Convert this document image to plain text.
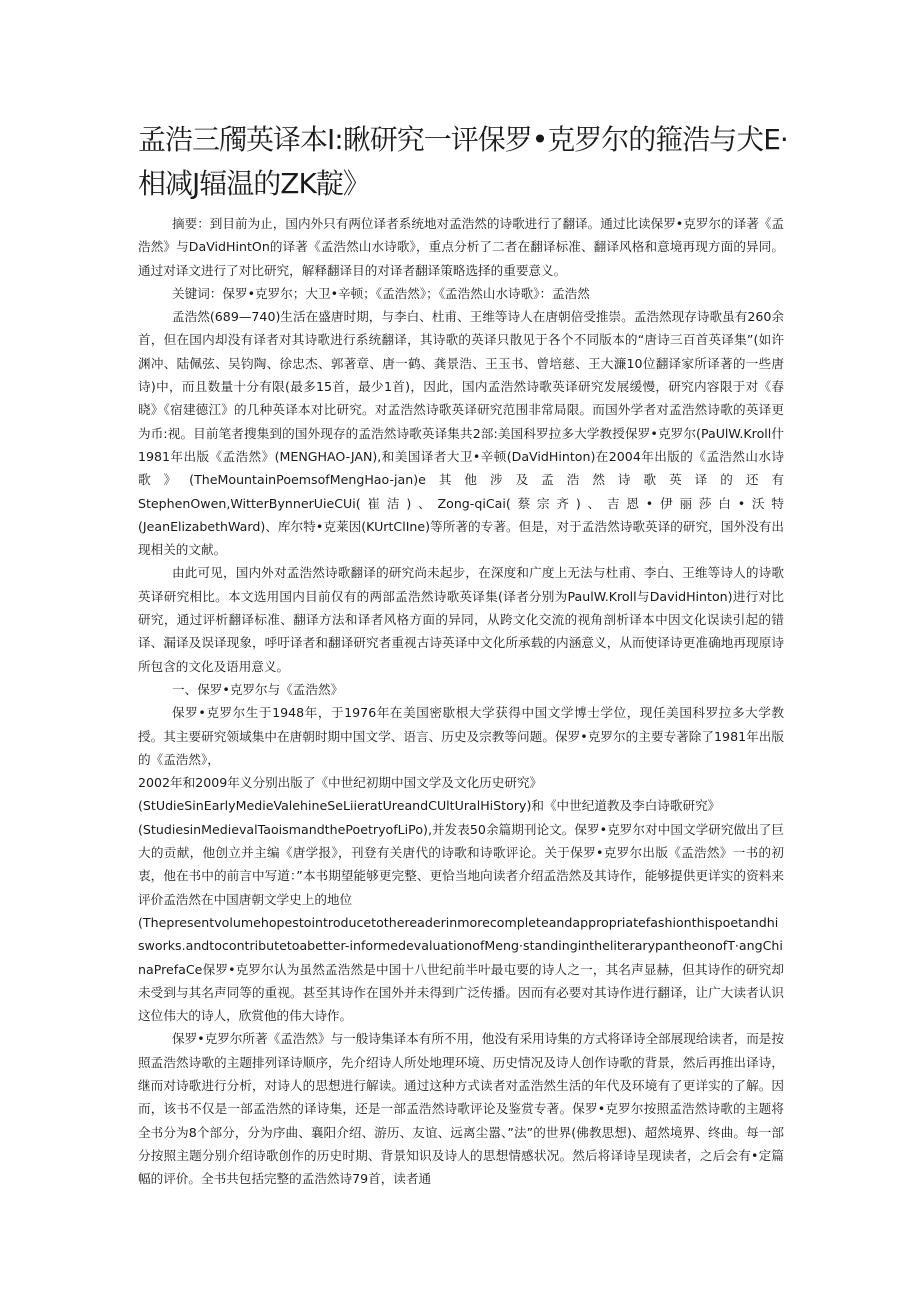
孟浩三斶英译本I:瞅研究一评保罗•克罗尔的箍浩与犬E·相减J辐温的ZK靛》

摘要：到目前为止，国内外只有两位译者系统地对孟浩然的诗歌进行了翻译。通过比读保罗•克罗尔的译著《孟浩然》与DaVidHintOn的译著《孟浩然山水诗歌》，重点分析了二者在翻译标准、翻译风格和意境再现方面的异同。通过对译文进行了对比研究，解释翻译目的对译者翻译策略选择的重要意义。

关键词：保罗•克罗尔；大卫•辛顿；《孟浩然》；《孟浩然山水诗歌》：孟浩然

孟浩然(689—740)生活在盛唐时期，与李白、杜甫、王维等诗人在唐朝倍受推崇。孟浩然现存诗歌虽有260余首，但在国内却没有译者对其诗歌进行系统翻译，其诗歌的英译只散见于各个不同版本的“唐诗三百首英译集”(如许渊冲、陆佩弦、吴钧陶、徐忠杰、郭著章、唐一鹤、龚景浩、王玉书、曾培慈、王大濂10位翻译家所译著的一些唐诗)中，而且数量十分有限(最多15首，最少1首)，因此，国内孟浩然诗歌英译研究发展缓慢，研究内容限于对《春晓》《宿建德江》的几种英译本对比研究。对孟浩然诗歌英译研究范围非常局限。而国外学者对孟浩然诗歌的英译更为币:视。目前笔者搜集到的国外现存的孟浩然诗歌英译集共2部:美国科罗拉多大学教授保罗•克罗尔(PaUlW.Kroll什1981年出版《孟浩然》(MENGHAO-JAN),和美国译者大卫•辛顿(DaVidHinton)在2004年出版的《孟浩然山水诗歌》(TheMountainPoemsofMengHao-jan)e其他涉及孟浩然诗歌英译的还有StephenOwen,WitterBynnerUieCUi(崔洁)、Zong-qiCai(蔡宗齐)、吉恩•伊丽莎白•沃特(JeanElizabethWard)、库尔特•克莱因(KUrtClIne)等所著的专著。但是，对于孟浩然诗歌英译的研究，国外没有出现相关的文献。

由此可见，国内外对孟浩然诗歌翻译的研究尚未起步，在深度和广度上无法与杜甫、李白、王维等诗人的诗歌英译研究相比。本文选用国内目前仅有的两部孟浩然诗歌英译集(译者分别为PaulW.Kroll与DavidHinton)进行对比研究，通过评析翻译标准、翻译方法和译者风格方面的异同，从跨文化交流的视角剖析译本中因文化误读引起的错译、漏译及误译现象，呼吁译者和翻译研究者重视古诗英译中文化所承载的内涵意义，从而使译诗更准确地再现原诗所包含的文化及语用意义。

一、保罗•克罗尔与《孟浩然》

保罗•克罗尔生于1948年，于1976年在美国密歇根大学获得中国文学博士学位，现任美国科罗拉多大学教授。其主要研究领域集中在唐朝时期中国文学、语言、历史及宗教等问题。保罗•克罗尔的主要专著除了1981年出版的《孟浩然》，

2002年和2009年义分别出版了《中世纪初期中国文学及文化历史研究》

(StUdieSinEarlyMedieValehineSeLiieratUreandCUltUralHiStory)和《中世纪道教及李白诗歌研究》

(StudiesinMedievalTaoismandthePoetryofLiPo),并发表50余篇期刊论文。保罗•克罗尔对中国文学研究做出了巨大的贡献，他创立并主编《唐学报》，刊登有关唐代的诗歌和诗歌评论。关于保罗•克罗尔出版《孟浩然》一书的初衷，他在书中的前言中写道：”本书期望能够更完整、更恰当地向读者介绍孟浩然及其诗作，能够提供更详实的资料来评价孟浩然在中国唐朝文学史上的地位

(Thepresentvolumehopestointroducetothereaderinmorecompleteandappropriatefashionthispoetandhisworks.andtocontributetoabetter-informedevaluationofMeng·standingintheliterarypantheonofT·angChinaPrefaCe保罗•克罗尔认为虽然孟浩然是中国十八世纪前半叶最屯要的诗人之一，其名声显赫，但其诗作的研究却未受到与其名声同等的重视。甚至其诗作在国外并未得到广泛传播。因而有必要对其诗作进行翻译，让广大读者认识这位伟大的诗人，欣赏他的伟大诗作。

保罗•克罗尔所著《孟浩然》与一般诗集译本有所不用，他没有采用诗集的方式将译诗全部展现给读者，而是按照孟浩然诗歌的主题排列译诗顺序，先介绍诗人所处地理环境、历史情况及诗人创作诗歌的背景，然后再推出译诗，继而对诗歌进行分析，对诗人的思想进行解读。通过这种方式读者对孟浩然生活的年代及环境有了更详实的了解。因而，该书不仅是一部孟浩然的译诗集，还是一部孟浩然诗歌评论及鉴赏专著。保罗•克罗尔按照孟浩然诗歌的主题将全书分为8个部分，分为序曲、襄阳介绍、游历、友谊、远离尘嚣、”法”的世界(佛教思想)、超然境界、终曲。每一部分按照主题分别介绍诗歌创作的历史时期、背景知识及诗人的思想情感状况。然后将译诗呈现读者，之后会有•定篇幅的评价。全书共包括完整的孟浩然诗79首，读者通
